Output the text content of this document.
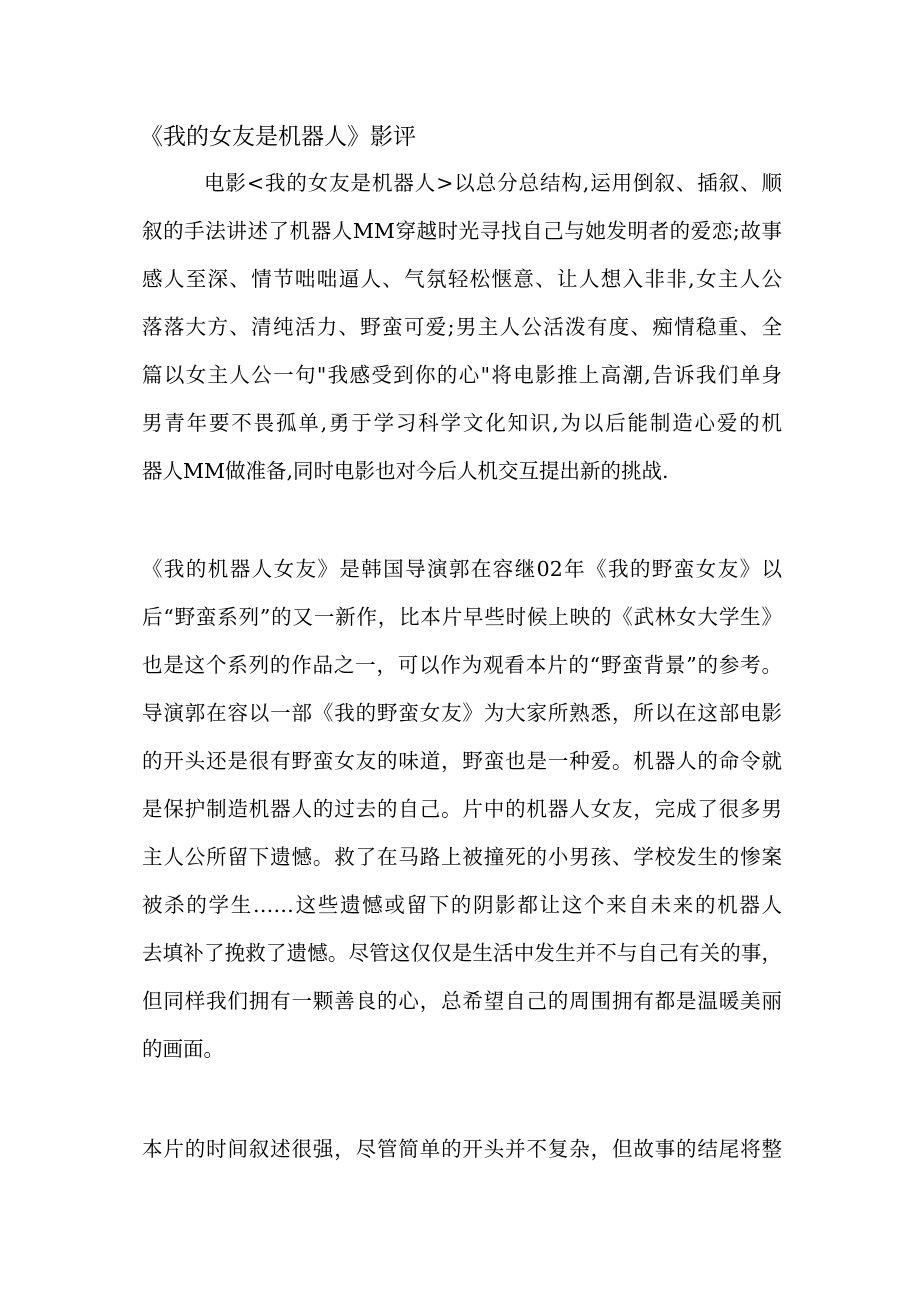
《我的女友是机器人》影评
电影<我的女友是机器人>以总分总结构,运用倒叙、插叙、顺
叙的手法讲述了机器人MM穿越时光寻找自己与她发明者的爱恋;故事
感人至深、情节咄咄逼人、气氛轻松惬意、让人想入非非,女主人公
落落大方、清纯活力、野蛮可爱;男主人公活泼有度、痴情稳重、全
篇以女主人公一句"我感受到你的心"将电影推上高潮,告诉我们单身
男青年要不畏孤单,勇于学习科学文化知识,为以后能制造心爱的机
器人MM做准备,同时电影也对今后人机交互提出新的挑战.
《我的机器人女友》是韩国导演郭在容继02年《我的野蛮女友》以
后“野蛮系列”的又一新作，比本片早些时候上映的《武林女大学生》
也是这个系列的作品之一，可以作为观看本片的“野蛮背景”的参考。
导演郭在容以一部《我的野蛮女友》为大家所熟悉，所以在这部电影
的开头还是很有野蛮女友的味道，野蛮也是一种爱。机器人的命令就
是保护制造机器人的过去的自己。片中的机器人女友，完成了很多男
主人公所留下遗憾。救了在马路上被撞死的小男孩、学校发生的惨案
被杀的学生……这些遗憾或留下的阴影都让这个来自未来的机器人
去填补了挽救了遗憾。尽管这仅仅是生活中发生并不与自己有关的事，
但同样我们拥有一颗善良的心，总希望自己的周围拥有都是温暖美丽
的画面。
本片的时间叙述很强，尽管简单的开头并不复杂，但故事的结尾将整
